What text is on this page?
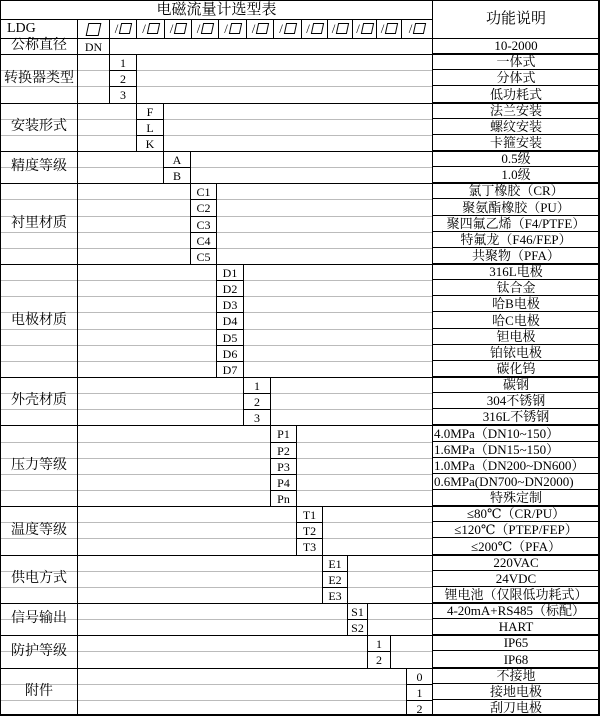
电磁流量计选型表
功能说明
LDG	/ / / / / / / / / / / /
公称直径
转换器类型
安装形式
精度等级
衬里材质
电极材质
外壳材质
压力等级
温度等级
供电方式
信号输出
防护等级
附件
DN
1
2
3
F
L
K
A
B
C1
C2
C3
C4
C5
D1
D2
D3
D4
D5
D6
D7
1
2
3
P1
P2
P3
P4
Pn
T1
T2
T3
E1
E2
E3
S1
S2
1
2
0
1
2
10-2000
一体式
分体式
低功耗式
法兰安装
螺纹安装
卡箍安装
0.5级
1.0级
氯丁橡胶（CR）
聚氨酯橡胶（PU）
聚四氟乙烯（F4/PTFE）
特氟龙（F46/FEP）
共聚物（PFA）
316L电极
钛合金
哈B电极
哈C电极
钽电极
铂铱电极
碳化钨
碳钢
304不锈钢
316L不锈钢
4.0MPa（DN10~150）
1.6MPa（DN15~150）
1.0MPa（DN200~DN600）
0.6MPa(DN700~DN2000)
特殊定制
≤80℃（CR/PU）
≤120℃（PTEP/FEP）
≤200℃（PFA）
220VAC
24VDC
锂电池（仅限低功耗式）
4-20mA+RS485（标配）
HART
IP65
IP68
不接地
接地电极
刮刀电极
